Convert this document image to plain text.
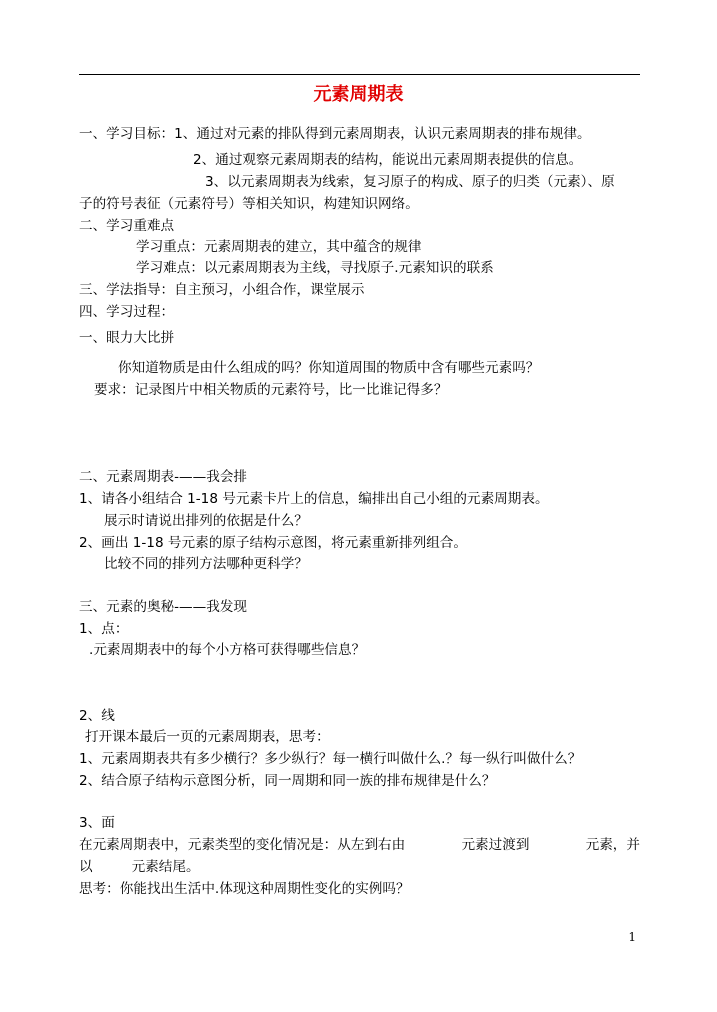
元素周期表
一、学习目标：1、通过对元素的排队得到元素周期表，认识元素周期表的排布规律。
2、通过观察元素周期表的结构，能说出元素周期表提供的信息。
3、以元素周期表为线索，复习原子的构成、原子的归类（元素）、原
子的符号表征（元素符号）等相关知识，构建知识网络。
二、学习重难点
学习重点：元素周期表的建立，其中蕴含的规律
学习难点：以元素周期表为主线，寻找原子.元素知识的联系
三、学法指导：自主预习，小组合作，课堂展示
四、学习过程：
一、眼力大比拼
你知道物质是由什么组成的吗？你知道周围的物质中含有哪些元素吗？
要求：记录图片中相关物质的元素符号，比一比谁记得多？
二、元素周期表-——我会排
1、请各小组结合 1-18 号元素卡片上的信息，编排出自己小组的元素周期表。
展示时请说出排列的依据是什么？
2、画出 1-18 号元素的原子结构示意图，将元素重新排列组合。
比较不同的排列方法哪种更科学？
三、元素的奥秘-——我发现
1、点：
.元素周期表中的每个小方格可获得哪些信息？
2、线
打开课本最后一页的元素周期表，思考：
1、元素周期表共有多少横行？多少纵行？每一横行叫做什么.？每一纵行叫做什么？
2、结合原子结构示意图分析，同一周期和同一族的排布规律是什么？
3、面
在元素周期表中，元素类型的变化情况是：从左到右由	元素过渡到	元素，并
以	元素结尾。
思考：你能找出生活中.体现这种周期性变化的实例吗？
1
